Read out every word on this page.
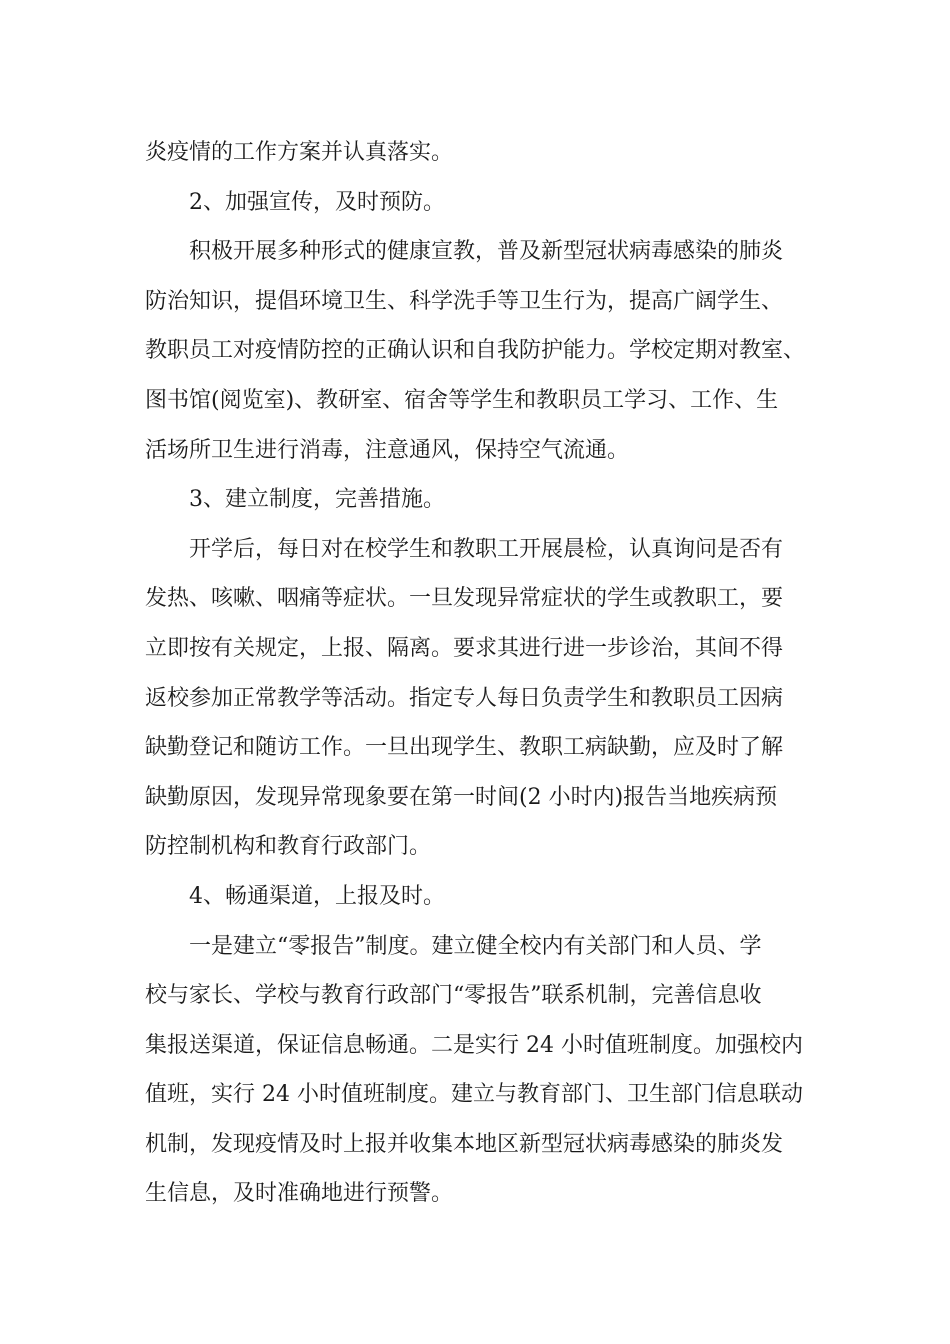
炎疫情的工作方案并认真落实。
2、加强宣传，及时预防。
积极开展多种形式的健康宣教，普及新型冠状病毒感染的肺炎
防治知识，提倡环境卫生、科学洗手等卫生行为，提高广阔学生、
教职员工对疫情防控的正确认识和自我防护能力。学校定期对教室、
图书馆(阅览室)、教研室、宿舍等学生和教职员工学习、工作、生
活场所卫生进行消毒，注意通风，保持空气流通。
3、建立制度，完善措施。
开学后，每日对在校学生和教职工开展晨检，认真询问是否有
发热、咳嗽、咽痛等症状。一旦发现异常症状的学生或教职工，要
立即按有关规定，上报、隔离。要求其进行进一步诊治，其间不得
返校参加正常教学等活动。指定专人每日负责学生和教职员工因病
缺勤登记和随访工作。一旦出现学生、教职工病缺勤，应及时了解
缺勤原因，发现异常现象要在第一时间(2 小时内)报告当地疾病预
防控制机构和教育行政部门。
4、畅通渠道，上报及时。
一是建立“零报告”制度。建立健全校内有关部门和人员、学
校与家长、学校与教育行政部门“零报告”联系机制，完善信息收
集报送渠道，保证信息畅通。二是实行 24 小时值班制度。加强校内
值班，实行 24 小时值班制度。建立与教育部门、卫生部门信息联动
机制，发现疫情及时上报并收集本地区新型冠状病毒感染的肺炎发
生信息，及时准确地进行预警。
